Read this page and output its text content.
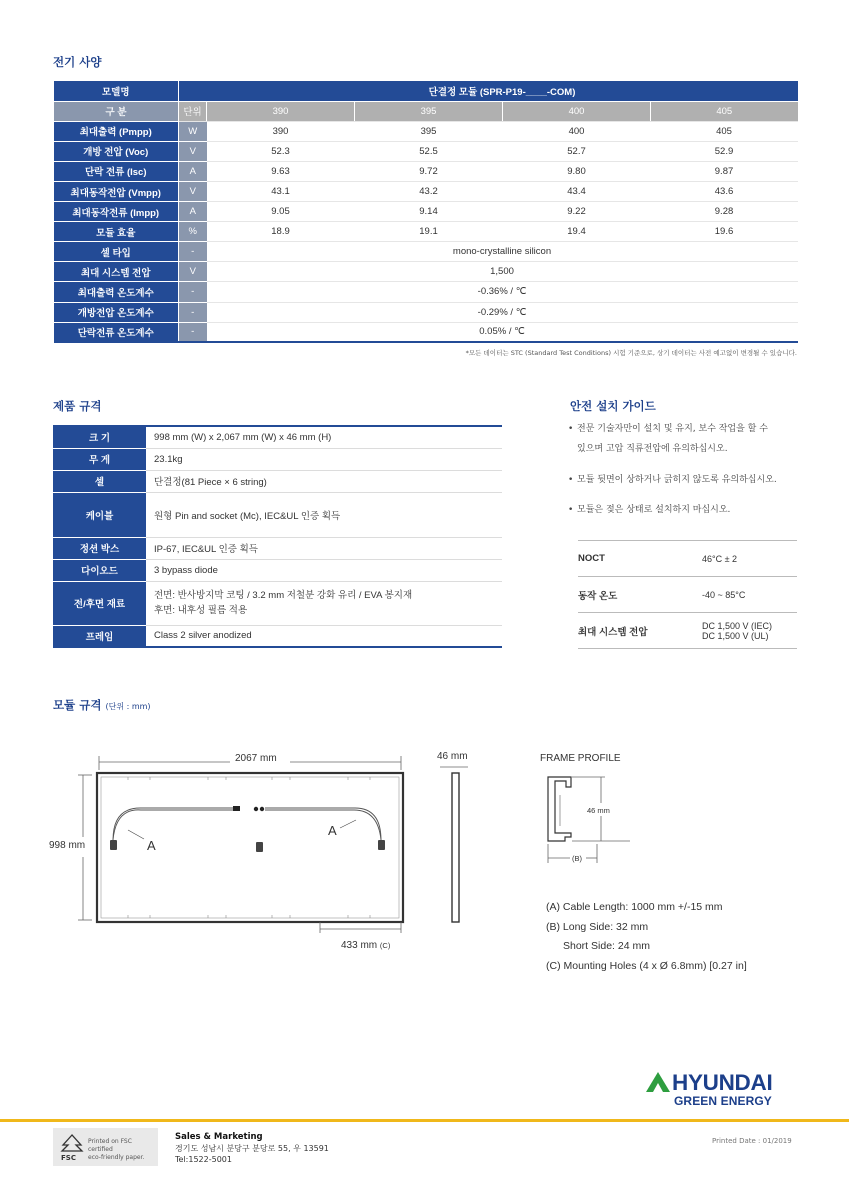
전기 사양
모델명		단결정 모듈 (SPR-P19-____-COM)			
구 분	단위	390	395	400	405
최대출력 (Pmpp)	W	390	395	400	405
개방 전압 (Voc)	V	52.3	52.5	52.7	52.9
단락 전류 (Isc)	A	9.63	9.72	9.80	9.87
최대동작전압 (Vmpp)	V	43.1	43.2	43.4	43.6
최대동작전류 (Impp)	A	9.05	9.14	9.22	9.28
모듈 효율	%	18.9	19.1	19.4	19.6
셀 타입	-	mono-crystalline silicon			
최대 시스템 전압	V	1,500			
최대출력 온도계수	-	-0.36% / ℃			
개방전압 온도계수	-	-0.29% / ℃			
단락전류 온도계수	-	0.05% / ℃			
*모든 데이터는 STC (Standard Test Conditions) 시험 기준으로, 상기 데이터는 사전 예고없이 변경될 수 있습니다.
제품 규격
크 기	998 mm (W) x 2,067 mm (W) x 46 mm (H)
무 게	23.1kg
셀	단결정(81 Piece × 6 string)
케이블	원형 Pin and socket (Mc), IEC&UL 인증 획득
정션 박스	IP-67, IEC&UL 인증 획득
다이오드	3 bypass diode
전/후면 재료	전면: 반사방지막 코팅 / 3.2 mm 저철분 강화 유리 / EVA 봉지재
후면: 내후성 필름 적용

프레임	Class 2 silver anodized
안전 설치 가이드
• 전문 기술자만이 설치 및 유지, 보수 작업을 할 수
있으며 고압 직류전압에 유의하십시오.
• 모듈 뒷면이 상하거나 긁히지 않도록 유의하십시오.
• 모듈은 젖은 상태로 설치하지 마십시오.
NOCT	46°C ± 2
동작 온도	-40 ~ 85°C
최대 시스템 전압	DC 1,500 V (IEC)
DC 1,500 V (UL)
모듈 규격 (단위 : mm)
2067 mm
998 mm
46 mm
A
A
433 mm (C)
FRAME PROFILE
46 mm
(B)
(A) Cable Length: 1000 mm +/-15 mm
(B) Long Side: 32 mm
Short Side: 24 mm
(C) Mounting Holes (4 x Ø 6.8mm) [0.27 in]
HYUNDAI
GREEN ENERGY
FSC
Printed on FSC certified
eco-friendly paper.
Sales & Marketing
경기도 성남시 분당구 분당로 55, 우 13591
Tel:1522-5001
Printed Date : 01/2019
